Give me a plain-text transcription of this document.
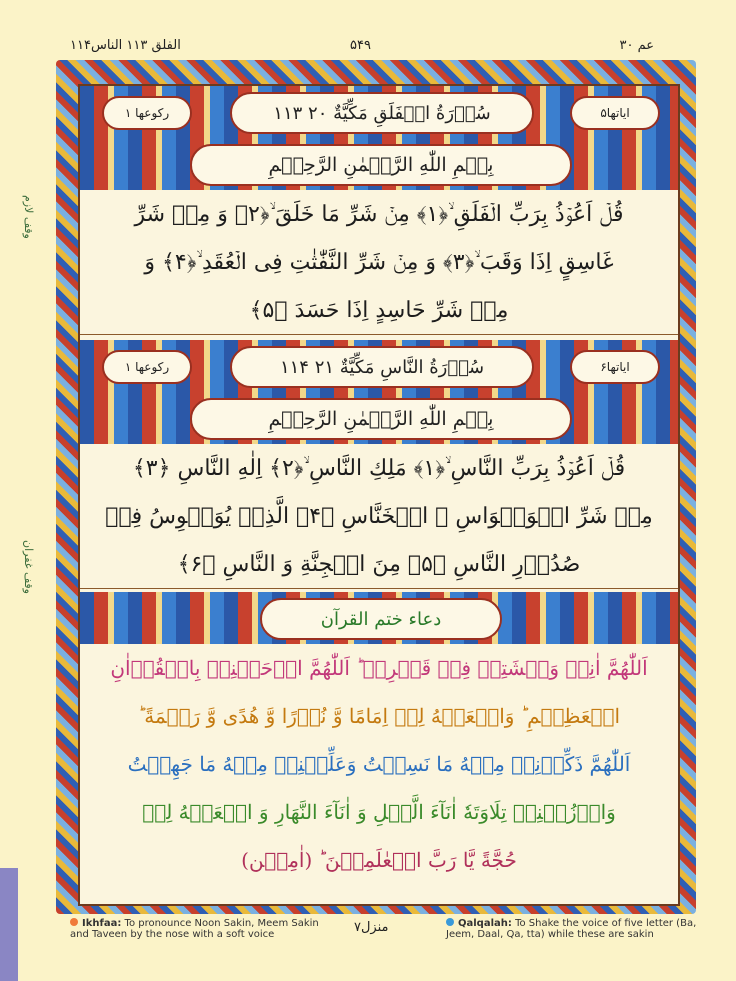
عم ۳۰
۵۴۹
الفلق ۱۱۳ الناس۱۱۴
وقف لازم
وقف غفران
رکوعها ۱	۱۱۳ سُوۡرَةُ الۡفَلَقِ مَكِّيَّةٌ ۲۰	ایاتها۵
بِسۡمِ اللّٰهِ الرَّحۡمٰنِ الرَّحِيۡمِ
قُلۡ اَعُوۡذُ بِرَبِّ الۡفَلَقِ ۙ﴿۱﴾ مِنۡ شَرِّ مَا خَلَقَ ۙ﴿۲﴾ وَ مِنۡ شَرِّ
غَاسِقٍ اِذَا وَقَبَ ۙ﴿۳﴾ وَ مِنۡ شَرِّ النَّفّٰثٰتِ فِی الۡعُقَدِ ۙ﴿۴﴾ وَ
مِنۡ شَرِّ حَاسِدٍ اِذَا حَسَدَ ﴿۵﴾
رکوعها ۱	۱۱۴ سُوۡرَةُ النَّاسِ مَكِّيَّةٌ ۲۱	ایاتها۶
بِسۡمِ اللّٰهِ الرَّحۡمٰنِ الرَّحِيۡمِ
قُلۡ اَعُوۡذُ بِرَبِّ النَّاسِ ۙ﴿۱﴾ مَلِكِ النَّاسِ ۙ﴿۲﴾ اِلٰهِ النَّاسِ ﴿۳﴾
مِنۡ شَرِّ الۡوَسۡوَاسِ ۙ الۡخَنَّاسِ ﴿۴﴾ الَّذِیۡ يُوَسۡوِسُ فِیۡ
صُدُوۡرِ النَّاسِ ﴿۵﴾ مِنَ الۡجِنَّةِ وَ النَّاسِ ﴿۶﴾
دعاء ختم القرآن
اَللّٰهُمَّ اٰنِسۡ وَحۡشَتِیۡ فِیۡ قَبۡرِیۡ ؕ اَللّٰهُمَّ ارۡحَمۡنِیۡ بِالۡقُرۡاٰنِ
الۡعَظِيۡمِ ؕ وَاجۡعَلۡهُ لِیۡ اِمَامًا وَّ نُوۡرًا وَّ هُدًی وَّ رَحۡمَةً ؕ
اَللّٰهُمَّ ذَكِّرۡنِیۡ مِنۡهُ مَا نَسِيۡتُ وَعَلِّمۡنِیۡ مِنۡهُ مَا جَهِلۡتُ
وَارۡزُقۡنِیۡ تِلَاوَتَهٗ اٰنَآءَ الَّيۡلِ وَ اٰنَآءَ النَّهَارِ وَ اجۡعَلۡهُ لِیۡ
حُجَّةً يَّا رَبَّ الۡعٰلَمِيۡنَ ؕ (اٰمِيۡن)
Ikhfaa: To pronounce Noon Sakin, Meem Sakin and Taveen by the nose with a soft voice	منزل۷	Qalqalah: To Shake the voice of five letter (Ba, Jeem, Daal, Qa, tta) while these are sakin
